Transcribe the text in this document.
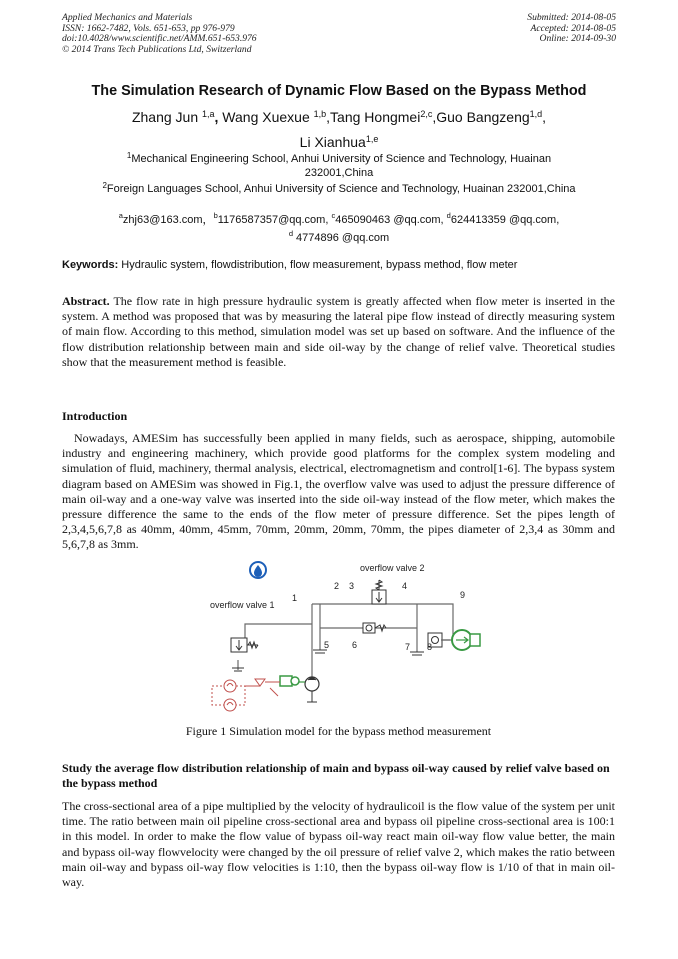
Applied Mechanics and Materials
ISSN: 1662-7482, Vols. 651-653, pp 976-979
doi:10.4028/www.scientific.net/AMM.651-653.976
© 2014 Trans Tech Publications Ltd, Switzerland
Submitted: 2014-08-05
Accepted: 2014-08-05
Online: 2014-09-30
The Simulation Research of Dynamic Flow Based on the Bypass Method
Zhang Jun $^{1,a}$, Wang Xuexue $^{1,b}$,Tang Hongmei$^{2,c}$,Guo Bangzeng$^{1,d}$,
Li Xianhua$^{1,e}$
$^1$Mechanical Engineering School, Anhui University of Science and Technology, Huainan
232001,China
$^2$Foreign Languages School, Anhui University of Science and Technology, Huainan 232001,China
$^a$zhj63@163.com，$^b$1176587357@qq.com, $^c$465090463 @qq.com, $^d$624413359 @qq.com,
$^d$ 4774896 @qq.com
Keywords: Hydraulic system, flowdistribution, flow measurement, bypass method, flow meter
Abstract. The flow rate in high pressure hydraulic system is greatly affected when flow meter is inserted in the system. A method was proposed that was by measuring the lateral pipe flow instead of directly measuring system of main flow. According to this method, simulation model was set up based on software. And the influence of the flow distribution relationship between main and side oil-way by the change of relief valve. Theoretical studies show that the measurement method is feasible.
Introduction
Nowadays, AMESim has successfully been applied in many fields, such as aerospace, shipping, automobile industry and engineering machinery, which provide good platforms for the complex system modeling and simulation of fluid, machinery, thermal analysis, electrical, electromagnetism and control[1-6]. The bypass system diagram based on AMESim was showed in Fig.1, the overflow valve was used to adjust the pressure difference of main oil-way and a one-way valve was inserted into the side oil-way instead of the flow meter, which makes the pressure difference the same to the ends of the flow meter of pressure difference. Set the pipes length of 2,3,4,5,6,7,8 as 40mm, 40mm, 45mm, 70mm, 20mm, 20mm, 70mm, the pipes diameter of 2,3,4 as 30mm and 5,6,7,8 as 3mm.
overflow valve 2
overflow valve 1
1
2 3	4
5	6	7 8
9
Figure 1 Simulation model for the bypass method measurement
Study the average flow distribution relationship of main and bypass oil-way caused by relief valve based on the bypass method
The cross-sectional area of a pipe multiplied by the velocity of hydraulicoil is the flow value of the system per unit time. The ratio between main oil pipeline cross-sectional area and bypass oil pipeline cross-sectional area is 100:1 in this model. In order to make the flow value of bypass oil-way react main oil-way flow value better, the main and bypass oil-way flowvelocity were changed by the oil pressure of relief valve 2, which makes the ratio between main oil-way and bypass oil-way flow velocities is 1:10, then the bypass oil-way flow is 1/10 of that in main oil-way.
